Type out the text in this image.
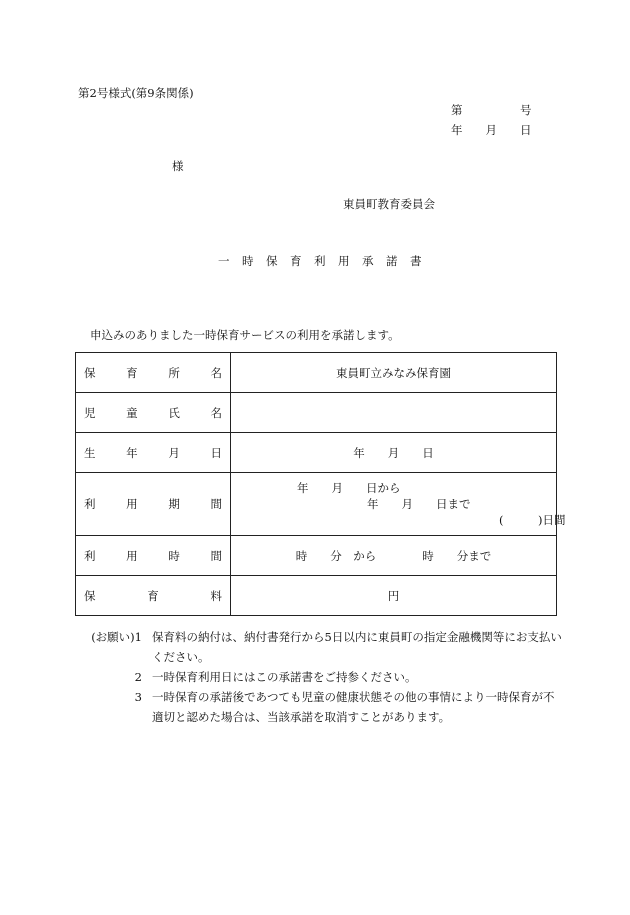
第2号様式(第9条関係)
第　　　　　号
年　　月　　日
様
東員町教育委員会
一 時 保 育 利 用 承 諾 書
申込みのありました一時保育サービスの利用を承諾します。
保 育 所 名	東員町立みなみ保育園

児 童 氏 名	

生 年 月 日	年　　月　　日

利 用 期 間	年　　月　　日から
年　　月　　日まで
(　　　)日間

利 用 時 間	時　　分　から　　　　時　　分まで

保 育 料	円
(お願い)1 保育料の納付は、納付書発行から5日以内に東員町の指定金融機関等にお支払いください。
2 一時保育利用日にはこの承諾書をご持参ください。
3 一時保育の承諾後であつても児童の健康状態その他の事情により一時保育が不適切と認めた場合は、当該承諾を取消すことがあります。
